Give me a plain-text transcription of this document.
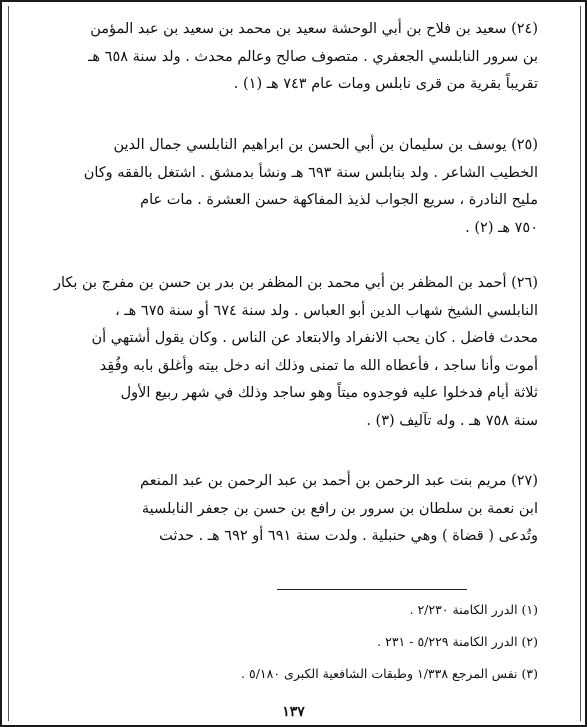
(٢٤) سعيد بن فلاح بن أبي الوحشة سعيد بن محمد بن سعيد بن عبد المؤمن

بن سرور النابلسي الجعفري . متصوف صالح وعالم محدث . ولد سنة ٦٥٨ هـ

تقريباً بقرية من قرى نابلس ومات عام ٧٤٣ هـ (١) .

(٢٥) يوسف بن سليمان بن أبي الحسن بن ابراهيم النابلسي جمال الدين

الخطيب الشاعر . ولد بنابلس سنة ٦٩٣ هـ ونشأ بدمشق . اشتغل بالفقه وكان

مليح النادرة ، سريع الجواب لذيذ المفاكهة حسن العشرة . مات عام

٧٥٠ هـ (٢) .

(٢٦) أحمد بن المظفر بن أبي محمد بن المظفر بن بدر بن حسن بن مفرج بن بكار

النابلسي الشيخ شهاب الدين أبو العباس . ولد سنة ٦٧٤ أو سنة ٦٧٥ هـ ،

محدث فاضل . كان يحب الانفراد والابتعاد عن الناس . وكان يقول أشتهي أن

أموت وأنا ساجد ، فأعطاه الله ما تمنى وذلك انه دخل بيته وأغلق بابه وفُقِد

ثلاثة أيام فدخلوا عليه فوجدوه ميتاً وهو ساجد وذلك في شهر ربيع الأول

سنة ٧٥٨ هـ . وله تآليف (٣) .

(٢٧) مريم بنت عبد الرحمن بن أحمد بن عبد الرحمن بن عبد المنعم

ابن نعمة بن سلطان بن سرور بن رافع بن حسن بن جعفر النابلسية

وتُدعى ( قضاة ) وهي حنبلية . ولدت سنة ٦٩١ أو ٦٩٢ هـ . حدثت

(١) الدرر الكامنة ٢/٢٣٠ .

(٢) الدرر الكامنة ٥/٢٢٩ - ٢٣١ .

(٣) نفس المرجع ١/٣٣٨ وطبقات الشافعية الكبرى ٥/١٨٠ .

١٣٧
